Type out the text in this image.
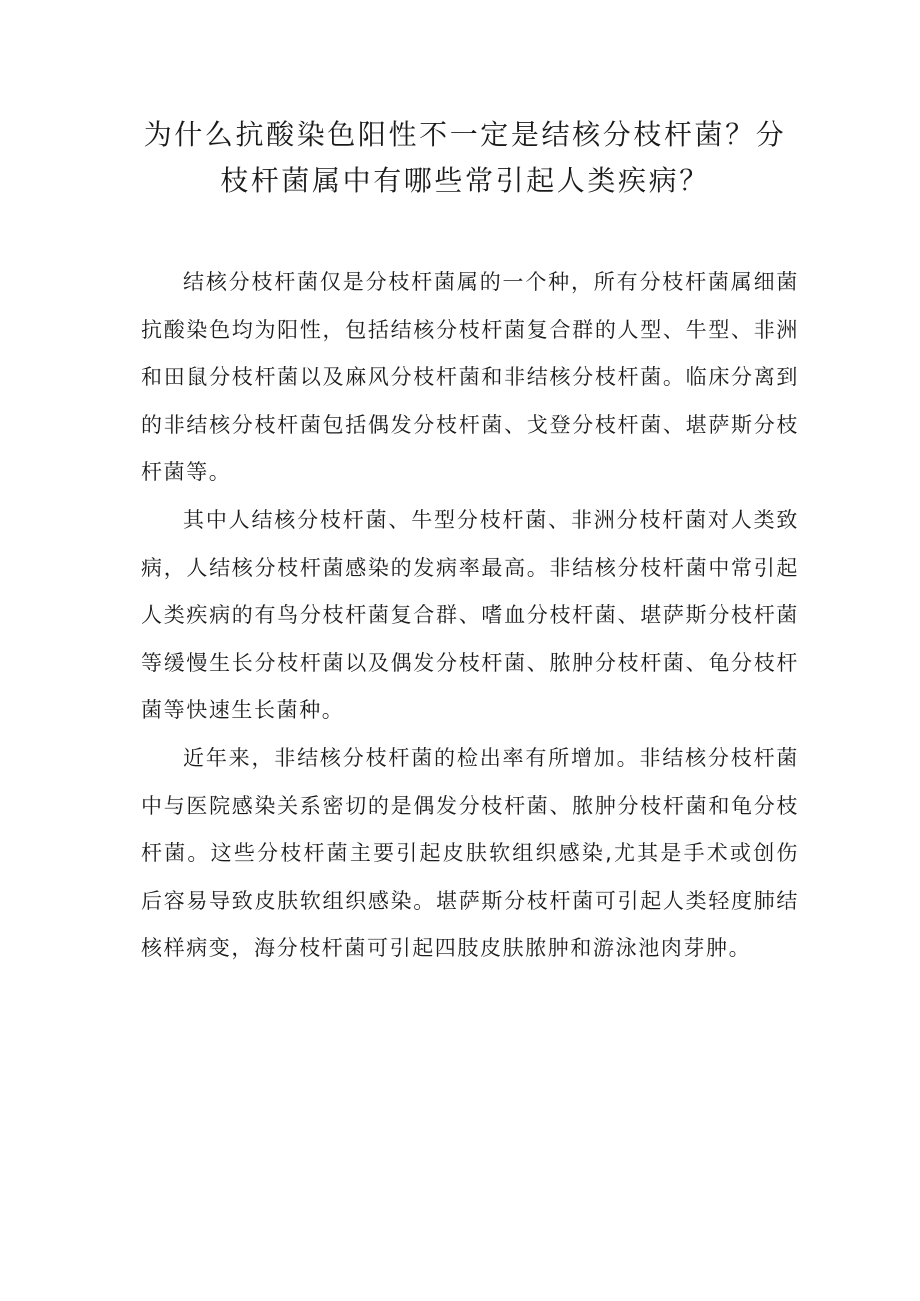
为什么抗酸染色阳性不一定是结核分枝杆菌？分枝杆菌属中有哪些常引起人类疾病？

结核分枝杆菌仅是分枝杆菌属的一个种，所有分枝杆菌属细菌抗酸染色均为阳性，包括结核分枝杆菌复合群的人型、牛型、非洲和田鼠分枝杆菌以及麻风分枝杆菌和非结核分枝杆菌。临床分离到的非结核分枝杆菌包括偶发分枝杆菌、戈登分枝杆菌、堪萨斯分枝杆菌等。

其中人结核分枝杆菌、牛型分枝杆菌、非洲分枝杆菌对人类致病，人结核分枝杆菌感染的发病率最高。非结核分枝杆菌中常引起人类疾病的有鸟分枝杆菌复合群、嗜血分枝杆菌、堪萨斯分枝杆菌等缓慢生长分枝杆菌以及偶发分枝杆菌、脓肿分枝杆菌、龟分枝杆菌等快速生长菌种。

近年来，非结核分枝杆菌的检出率有所增加。非结核分枝杆菌中与医院感染关系密切的是偶发分枝杆菌、脓肿分枝杆菌和龟分枝杆菌。这些分枝杆菌主要引起皮肤软组织感染,尤其是手术或创伤后容易导致皮肤软组织感染。堪萨斯分枝杆菌可引起人类轻度肺结核样病变，海分枝杆菌可引起四肢皮肤脓肿和游泳池肉芽肿。
